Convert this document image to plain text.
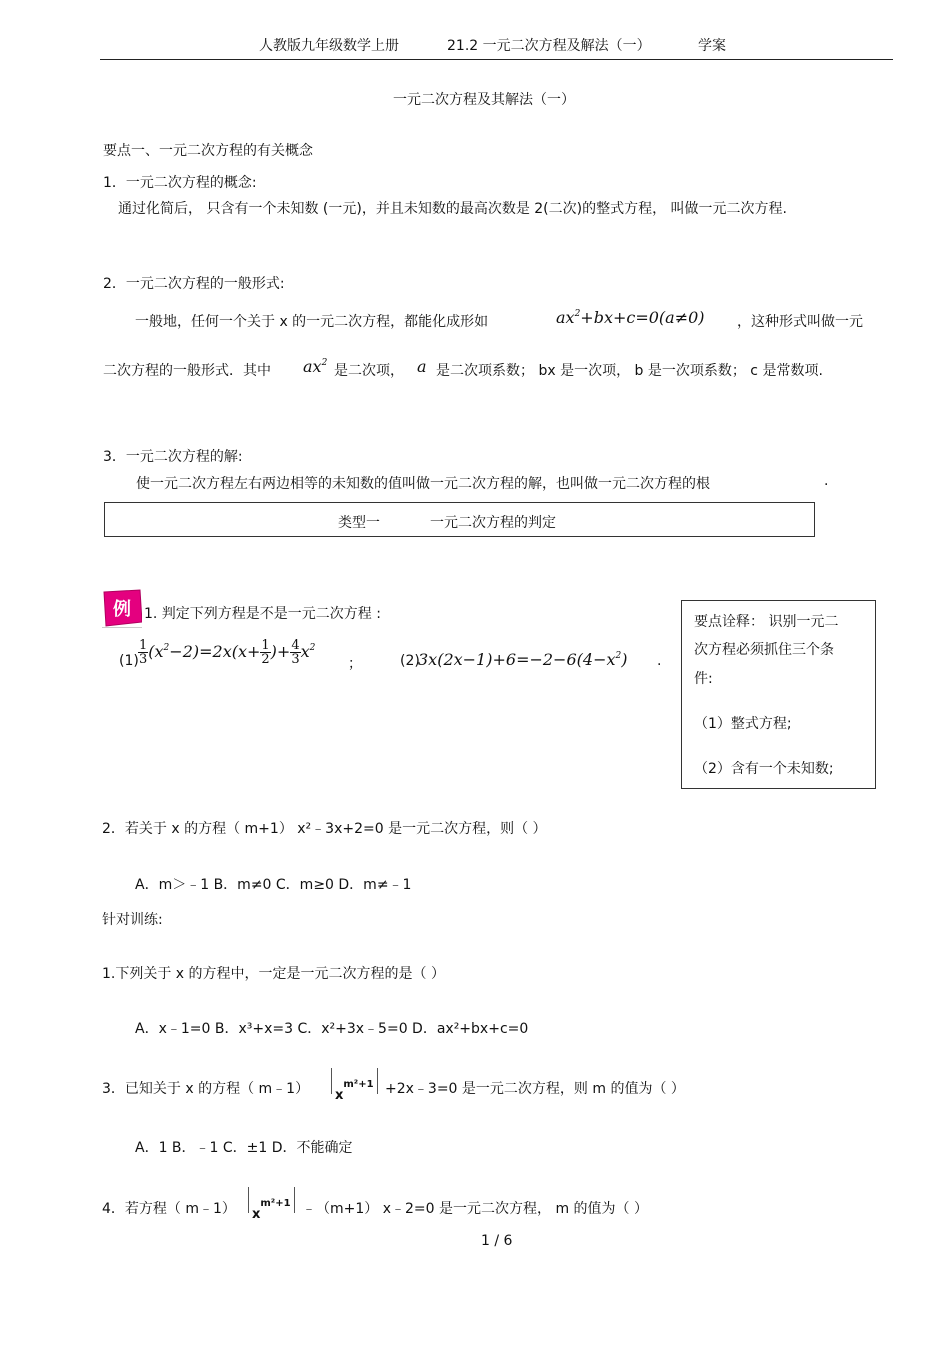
人教版九年级数学上册	21.2 一元二次方程及解法（一）	学案
一元二次方程及其解法（一）
要点一、一元二次方程的有关概念
1．一元二次方程的概念:
通过化简后， 只含有一个未知数 (一元)，并且未知数的最高次数是 2(二次)的整式方程， 叫做一元二次方程.
2．一元二次方程的一般形式:
一般地，任何一个关于 x 的一元二次方程，都能化成形如	$ax^2+bx+c=0(a\ne 0)$ ，这种形式叫做一元
二次方程的一般形式．其中 $ax^2$ 是二次项， a 是二次项系数； bx 是一次项， b 是一次项系数； c 是常数项.
3．一元二次方程的解:
使一元二次方程左右两边相等的未知数的值叫做一元二次方程的解，也叫做一元二次方程的根	.
类型一	一元二次方程的判定
例 1. 判定下列方程是不是一元二次方程 :
$(1) \frac{1}{3} (x^2-2)=2x(x+ \frac{1}{2}$ )+ $\frac{4}{3} x^2$
；	(2)
$3x(2x-1)+6=-2-6(4-x^2)$ .
要点诠释： 识别一元二
次方程必须抓住三个条
件:
（1）整式方程;
（2）含有一个未知数;
2．若关于 x 的方程（ m+1） x²﹣3x+2=0 是一元二次方程，则（ ）
A．m＞﹣1 B．m≠0 C．m≥0 D．m≠﹣1
针对训练:
1.下列关于 x 的方程中，一定是一元二次方程的是（ ）
A．x﹣1=0 B．x³+x=3 C．x²+3x﹣5=0 D．ax²+bx+c=0
3．已知关于 x 的方程（ m﹣1）	$x^{m^2+1}$ +2x﹣3=0 是一元二次方程，则 m 的值为（ ）
A．1 B．﹣1 C．±1 D．不能确定
4．若方程（ m﹣1）	$x^{m^2+1}$ ﹣（m+1） x﹣2=0 是一元二次方程， m 的值为（ ）
1 / 6
